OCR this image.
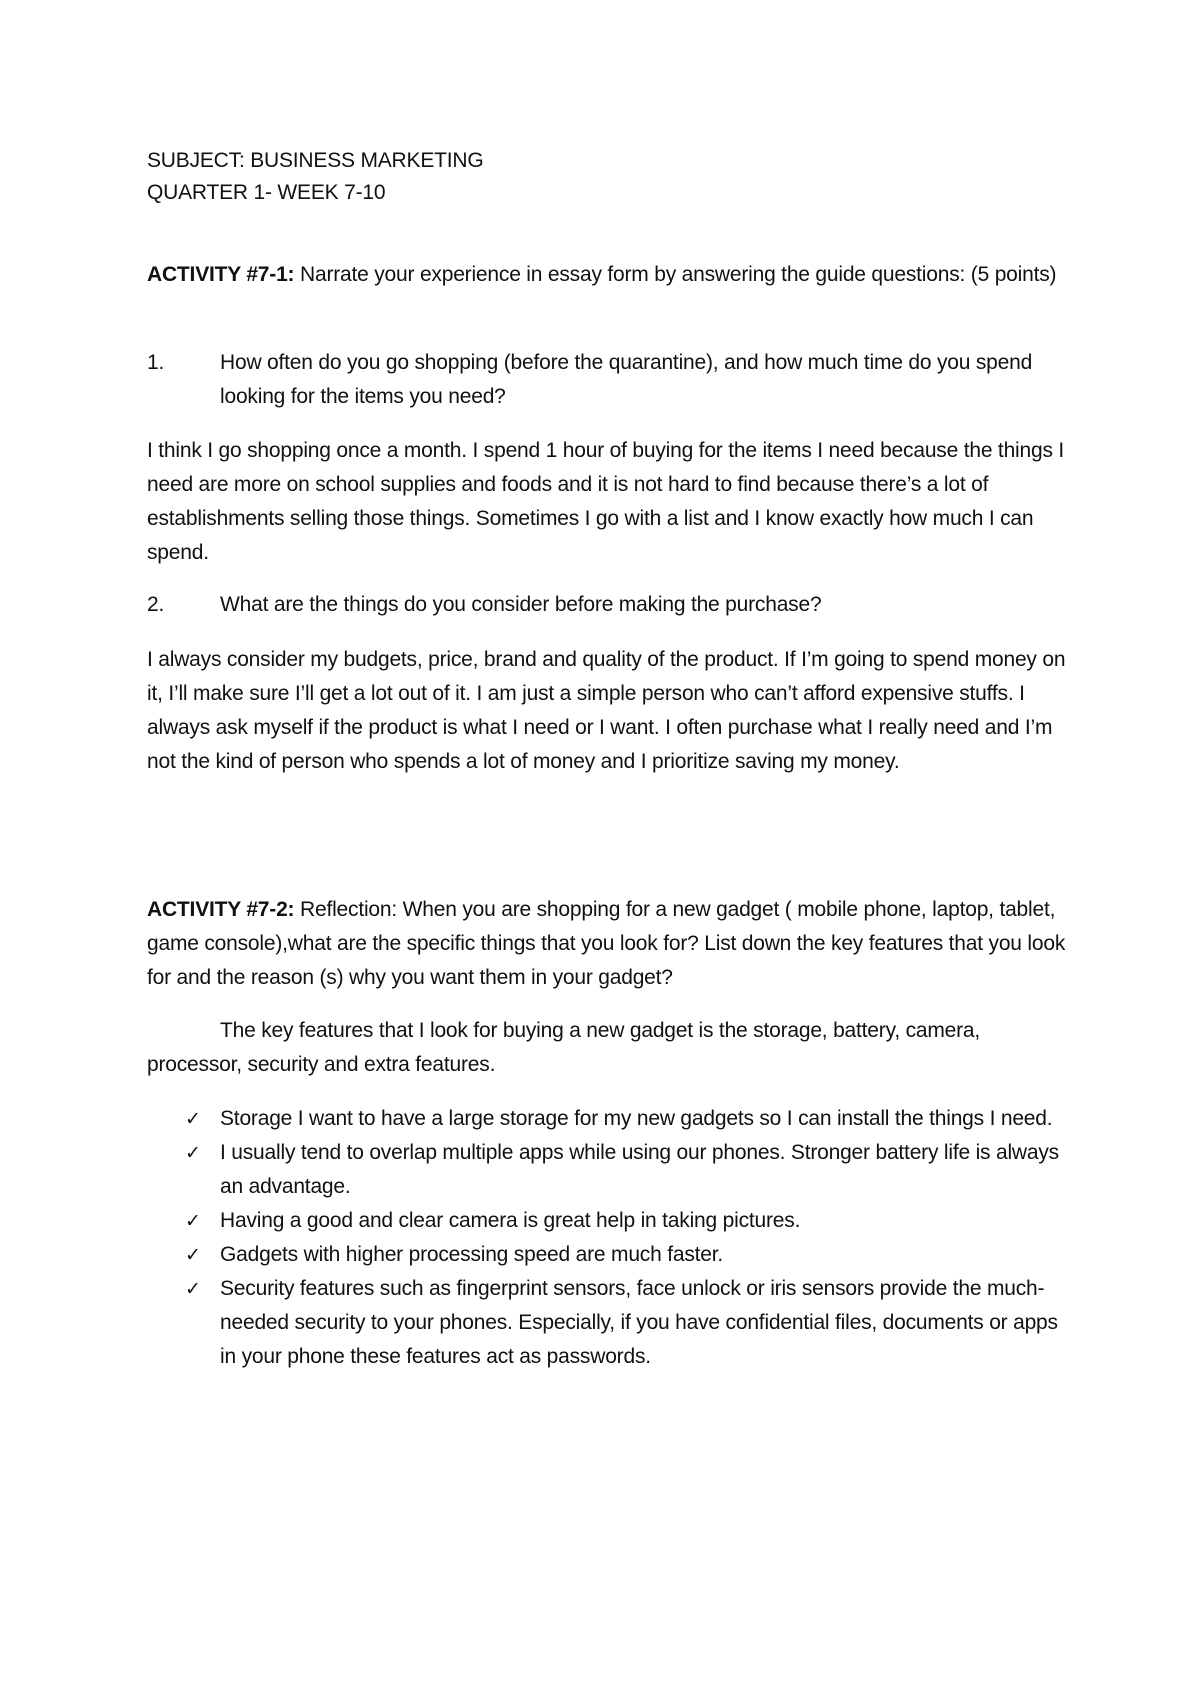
SUBJECT: BUSINESS MARKETING
QUARTER 1- WEEK 7-10
ACTIVITY #7-1: Narrate your experience in essay form by answering the guide questions: (5 points)
1.	How often do you go shopping (before the quarantine), and how much time do you spend looking for the items you need?
I think I go shopping once a month. I spend 1 hour of buying for the items I need because the things I need are more on school supplies and foods and it is not hard to find because there’s a lot of establishments selling those things. Sometimes I go with a list and I know exactly how much I can spend.
2.	What are the things do you consider before making the purchase?
I always consider my budgets, price, brand and quality of the product. If I’m going to spend money on it, I’ll make sure I’ll get a lot out of it. I am just a simple person who can’t afford expensive stuffs. I always ask myself if the product is what I need or I want. I often purchase what I really need and I’m not the kind of person who spends a lot of money and I prioritize saving my money.
ACTIVITY #7-2: Reflection: When you are shopping for a new gadget ( mobile phone, laptop, tablet, game console),what are the specific things that you look for? List down the key features that you look for and the reason (s) why you want them in your gadget?
The key features that I look for buying a new gadget is the storage, battery, camera, processor, security and extra features.
✓ Storage I want to have a large storage for my new gadgets so I can install the things I need.
✓ I usually tend to overlap multiple apps while using our phones. Stronger battery life is always an advantage.
✓ Having a good and clear camera is great help in taking pictures.
✓ Gadgets with higher processing speed are much faster.
✓ Security features such as fingerprint sensors, face unlock or iris sensors provide the much-needed security to your phones. Especially, if you have confidential files, documents or apps in your phone these features act as passwords.
